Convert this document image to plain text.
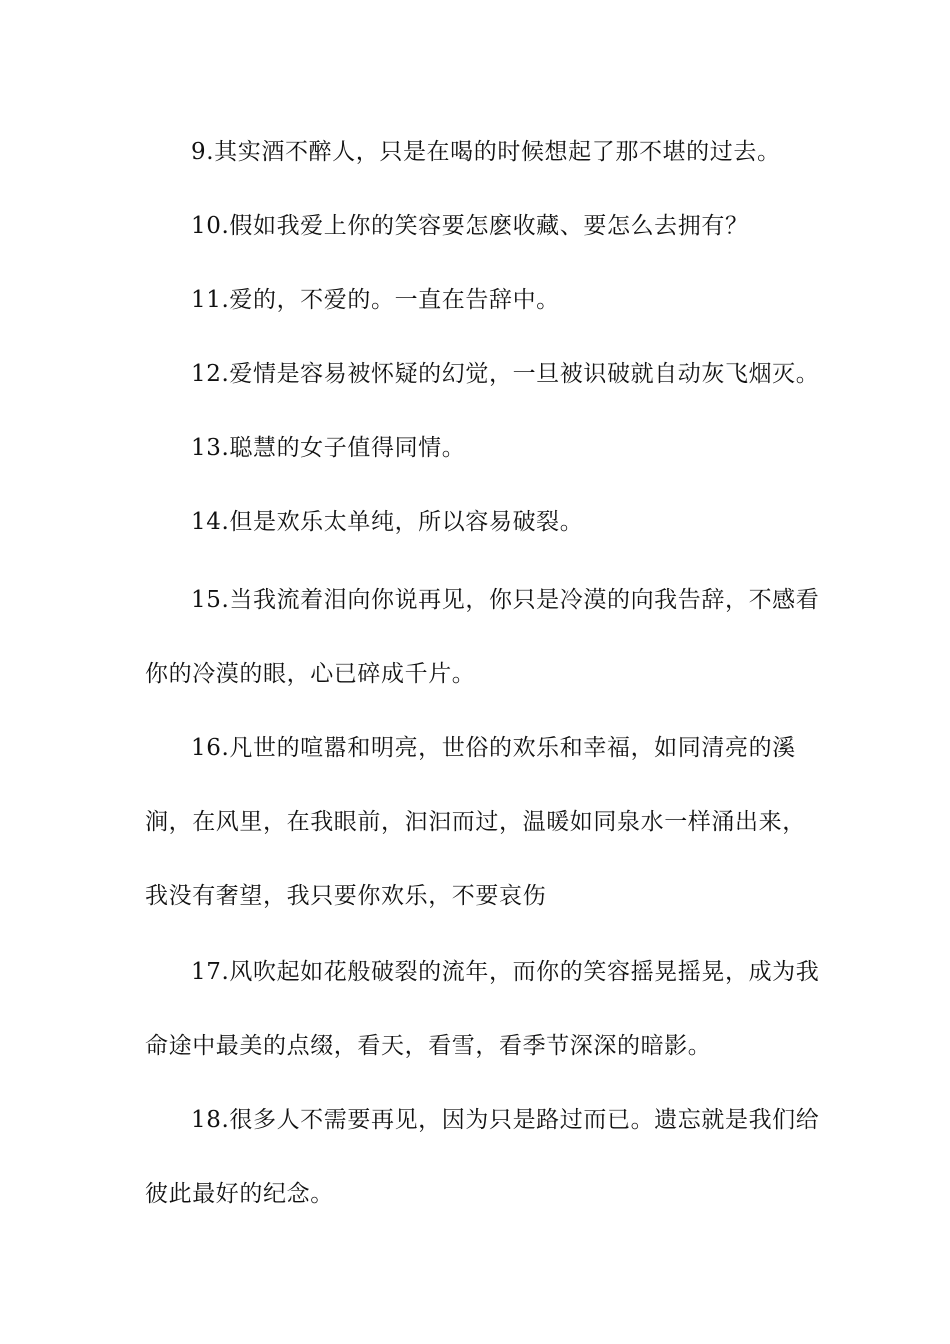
9.其实酒不醉人，只是在喝的时候想起了那不堪的过去。

10.假如我爱上你的笑容要怎麽收藏、要怎么去拥有？

11.爱的，不爱的。一直在告辞中。

12.爱情是容易被怀疑的幻觉，一旦被识破就自动灰飞烟灭。

13.聪慧的女子值得同情。

14.但是欢乐太单纯，所以容易破裂。

15.当我流着泪向你说再见，你只是冷漠的向我告辞，不感看你的冷漠的眼，心已碎成千片。

16.凡世的喧嚣和明亮，世俗的欢乐和幸福，如同清亮的溪涧，在风里，在我眼前，汩汩而过，温暖如同泉水一样涌出来，我没有奢望，我只要你欢乐，不要哀伤

17.风吹起如花般破裂的流年，而你的笑容摇晃摇晃，成为我命途中最美的点缀，看天，看雪，看季节深深的暗影。

18.很多人不需要再见，因为只是路过而已。遗忘就是我们给彼此最好的纪念。
